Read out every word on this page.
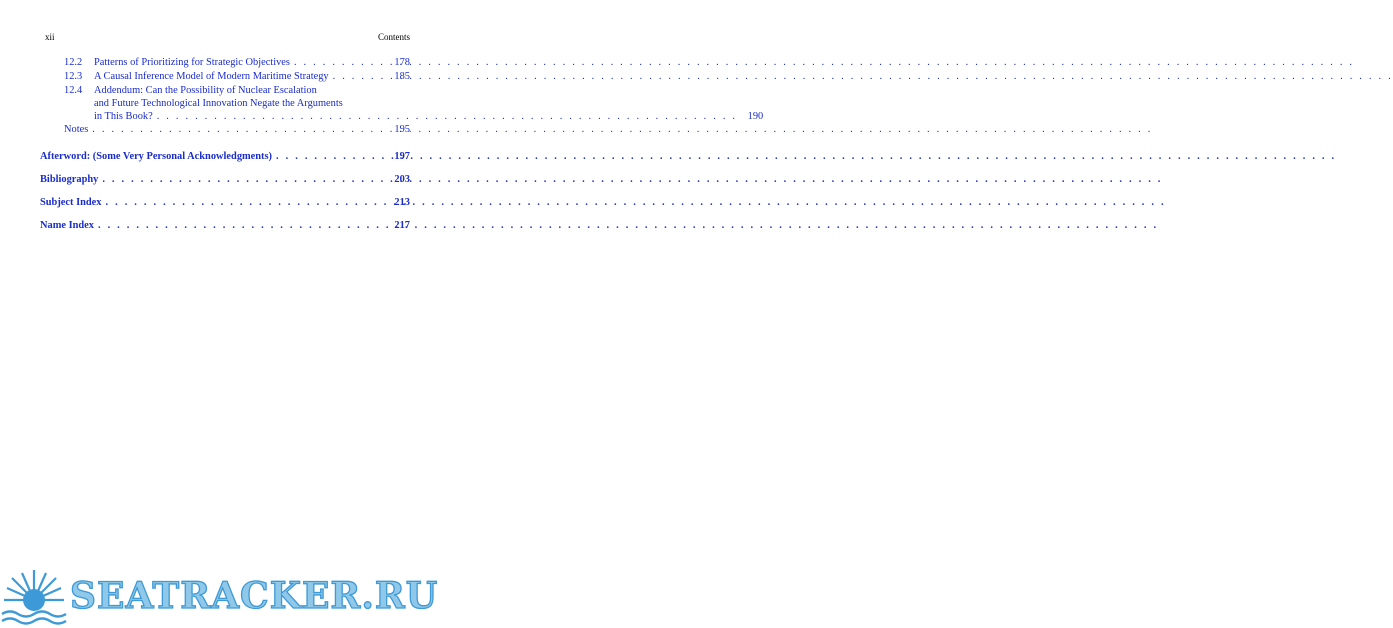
xii	Contents
12.2	Patterns of Prioritizing for Strategic Objectives . . .	178
12.3	A Causal Inference Model of Modern Maritime Strategy . . .	185
12.4	Addendum: Can the Possibility of Nuclear Escalation
and Future Technological Innovation Negate the Arguments
in This Book? . . . . . . . . . . . . . . . . . . . . . . . . . . . . . . . . . . . . . . . . . . . . . . . . . . . . . . . . . . . . .	190
Notes . . .	195
Afterword: (Some Very Personal Acknowledgments) . . .	197
Bibliography . . .	203
Subject Index . . .	213
Name Index . . .	217
SEATRACKER.RU
